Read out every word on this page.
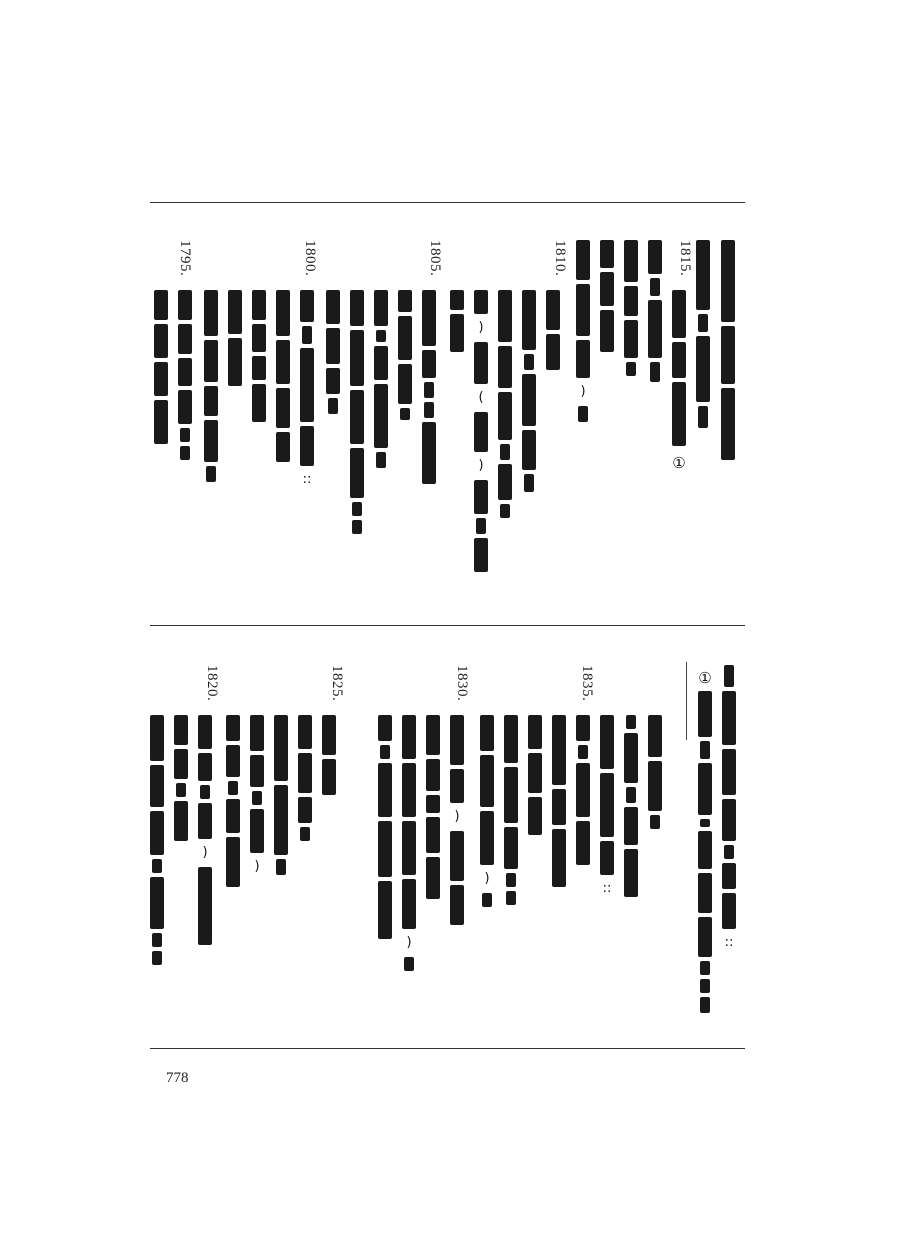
1815.
1810.
1805.
1800.
1795.
①
)
)
(
)
::
::
①
1835.
1830.
1825.
1820.
::
)
)
)
)
)
778
